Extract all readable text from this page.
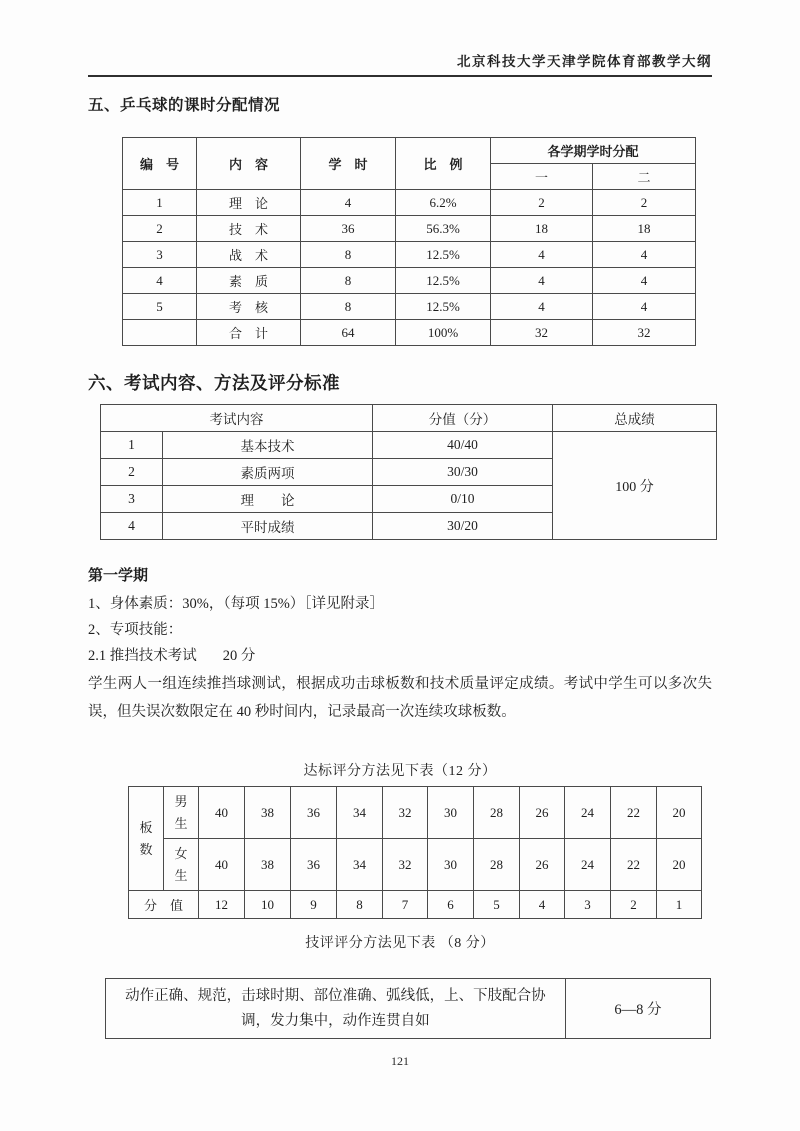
北京科技大学天津学院体育部教学大纲
五、乒乓球的课时分配情况
编　号	内　容	学　时	比　例	各学期学时分配	
				一	二
1	理　论	4	6.2%	2	2
2	技　术	36	56.3%	18	18
3	战　术	8	12.5%	4	4
4	素　质	8	12.5%	4	4
5	考　核	8	12.5%	4	4
	合　计	64	100%	32	32
六、考试内容、方法及评分标准
考试内容		分值（分）	总成绩
1	基本技术	40/40	100 分
2	素质两项	30/30	
3	理　　论	0/10	
4	平时成绩	30/20	
第一学期
1、身体素质：30%，（每项 15%）［详见附录］
2、专项技能：
2.1 推挡技术考试 20 分
学生两人一组连续推挡球测试，根据成功击球板数和技术质量评定成绩。考试中学生可以多次失误，但失误次数限定在 40 秒时间内，记录最高一次连续攻球板数。
达标评分方法见下表（12 分）
板数	男生	40	38	36	34	32	30	28	26	24	22	20
	女生	40	38	36	34	32	30	28	26	24	22	20
分　值		12	10	9	8	7	6	5	4	3	2	1
技评评分方法见下表 （8 分）
动作正确、规范，击球时期、部位准确、弧线低，上、下肢配合协调，发力集中，动作连贯自如	6—8 分
121
